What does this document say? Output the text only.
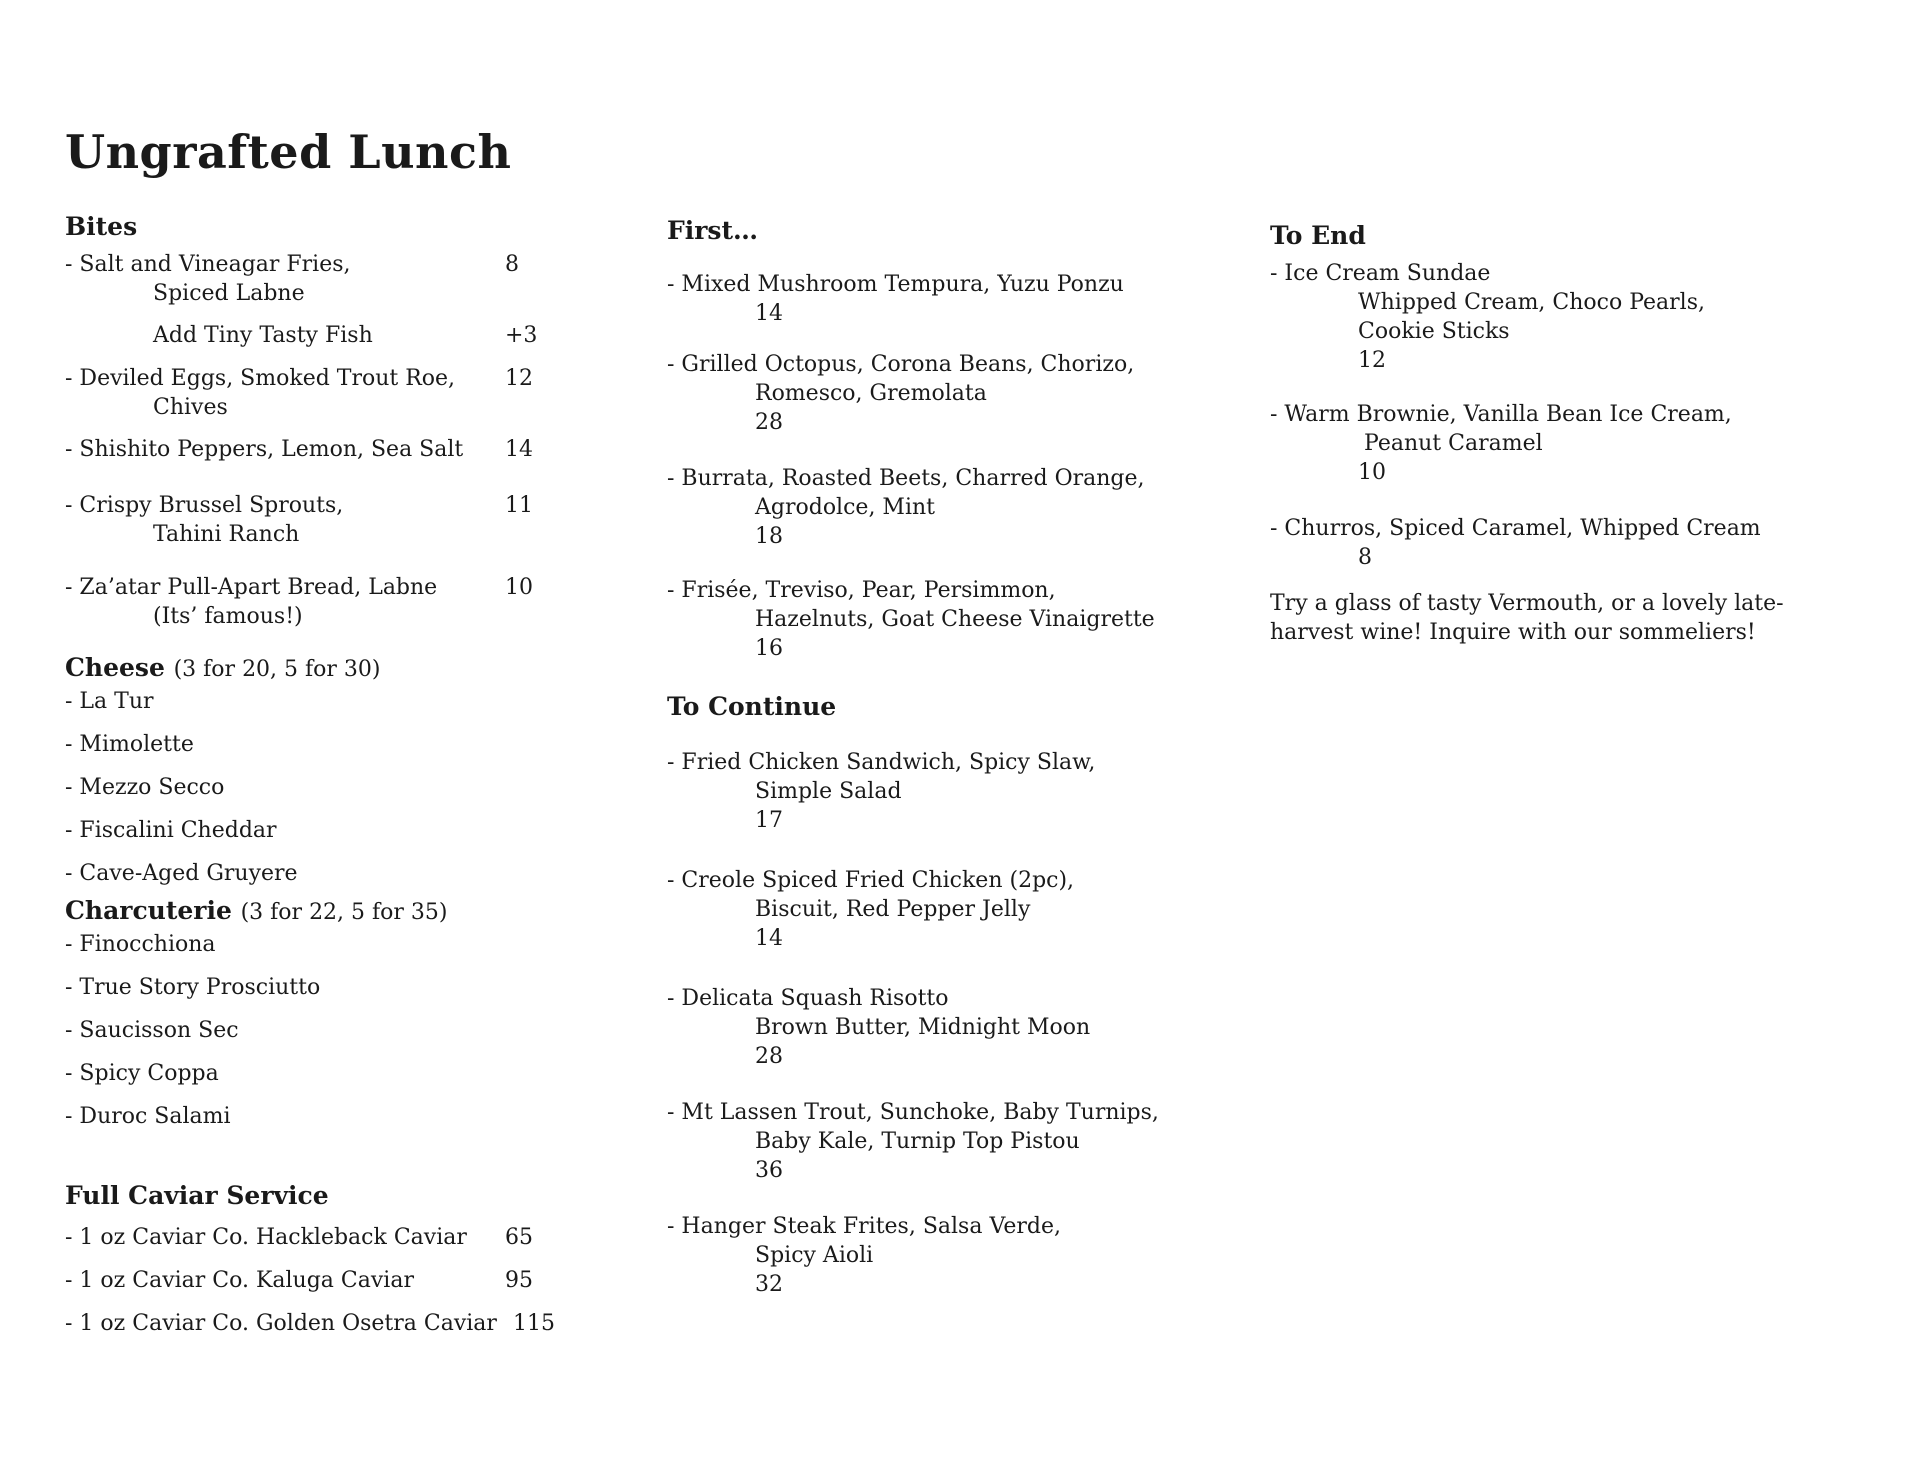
Ungrafted Lunch
Bites
- Salt and Vineagar Fries,
Spiced Labne
8
Add Tiny Tasty Fish	+3
- Deviled Eggs, Smoked Trout Roe,
Chives
12
- Shishito Peppers, Lemon, Sea Salt	14
- Crispy Brussel Sprouts,
Tahini Ranch
11
- Za’atar Pull-Apart Bread, Labne
(Its’ famous!)
10
Cheese (3 for 20, 5 for 30)
- La Tur
- Mimolette
- Mezzo Secco
- Fiscalini Cheddar
- Cave-Aged Gruyere
Charcuterie (3 for 22, 5 for 35)
- Finocchiona
- True Story Prosciutto
- Saucisson Sec
- Spicy Coppa
- Duroc Salami
Full Caviar Service
- 1 oz Caviar Co. Hackleback Caviar	65
- 1 oz Caviar Co. Kaluga Caviar	95
- 1 oz Caviar Co. Golden Osetra Caviar 115
First…
- Mixed Mushroom Tempura, Yuzu Ponzu
14
- Grilled Octopus, Corona Beans, Chorizo,
Romesco, Gremolata
28
- Burrata, Roasted Beets, Charred Orange,
Agrodolce, Mint
18
- Frisée, Treviso, Pear, Persimmon,
Hazelnuts, Goat Cheese Vinaigrette
16
To Continue
- Fried Chicken Sandwich, Spicy Slaw,
Simple Salad
17
- Creole Spiced Fried Chicken (2pc),
Biscuit, Red Pepper Jelly
14
- Delicata Squash Risotto
Brown Butter, Midnight Moon
28
- Mt Lassen Trout, Sunchoke, Baby Turnips,
Baby Kale, Turnip Top Pistou
36
- Hanger Steak Frites, Salsa Verde,
Spicy Aioli
32
To End
- Ice Cream Sundae
Whipped Cream, Choco Pearls,
Cookie Sticks
12
- Warm Brownie, Vanilla Bean Ice Cream,
Peanut Caramel
10
- Churros, Spiced Caramel, Whipped Cream
8
Try a glass of tasty Vermouth, or a lovely late-
harvest wine! Inquire with our sommeliers!
